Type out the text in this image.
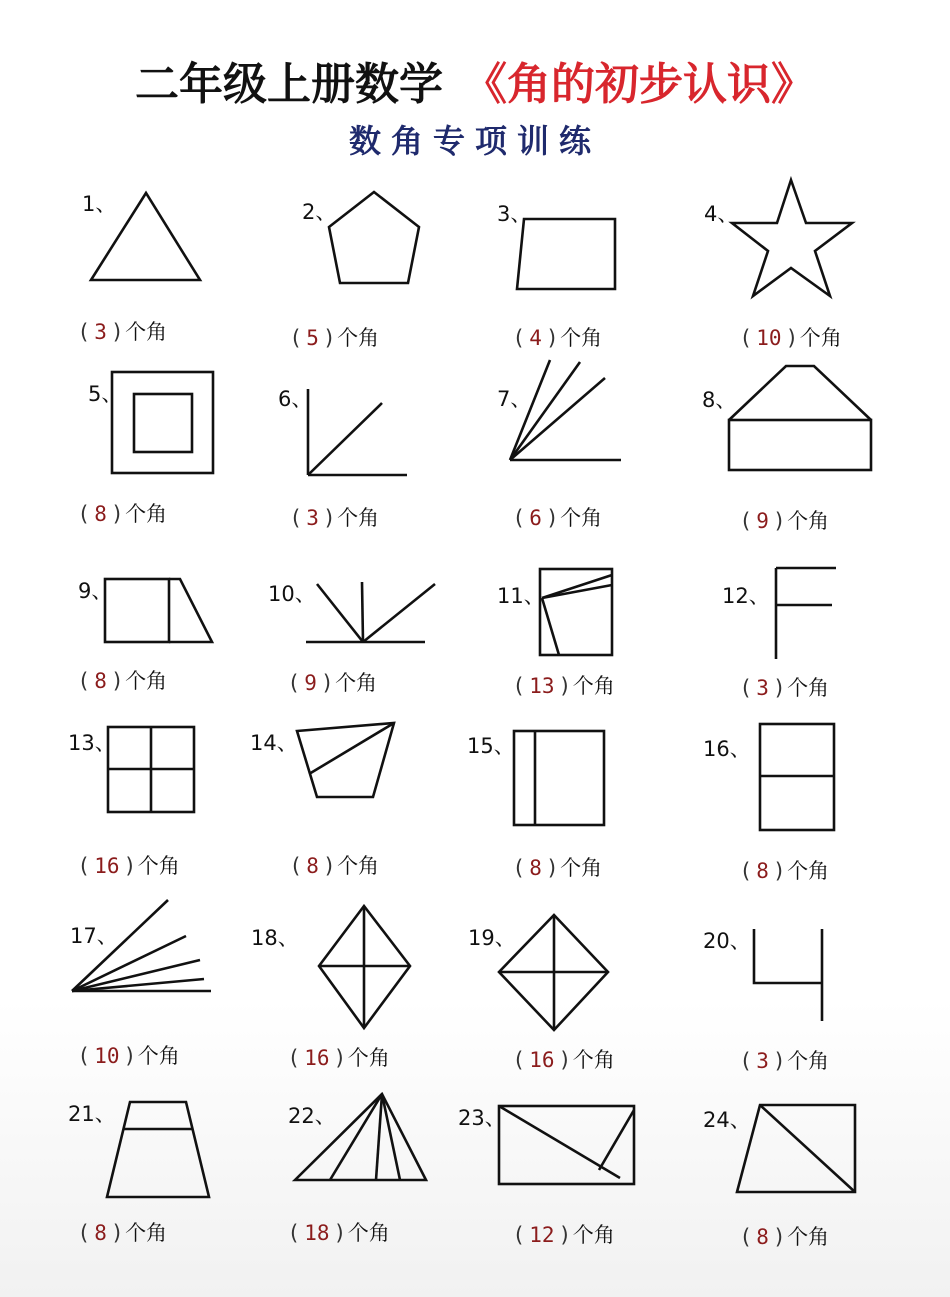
二年级上册数学 《角的初步认识》
数角专项训练
1、
( 3 ) 个角
2、
( 5 ) 个角
3、
( 4 ) 个角
4、
( 10 ) 个角
5、
( 8 ) 个角
6、
( 3 ) 个角
7、
( 6 ) 个角
8、
( 9 ) 个角
9、
( 8 ) 个角
10、
( 9 ) 个角
11、
( 13 ) 个角
12、
( 3 ) 个角
13、
( 16 ) 个角
14、
( 8 ) 个角
15、
( 8 ) 个角
16、
( 8 ) 个角
17、
( 10 ) 个角
18、
( 16 ) 个角
19、
( 16 ) 个角
20、
( 3 ) 个角
21、
( 8 ) 个角
22、
( 18 ) 个角
23、
( 12 ) 个角
24、
( 8 ) 个角
